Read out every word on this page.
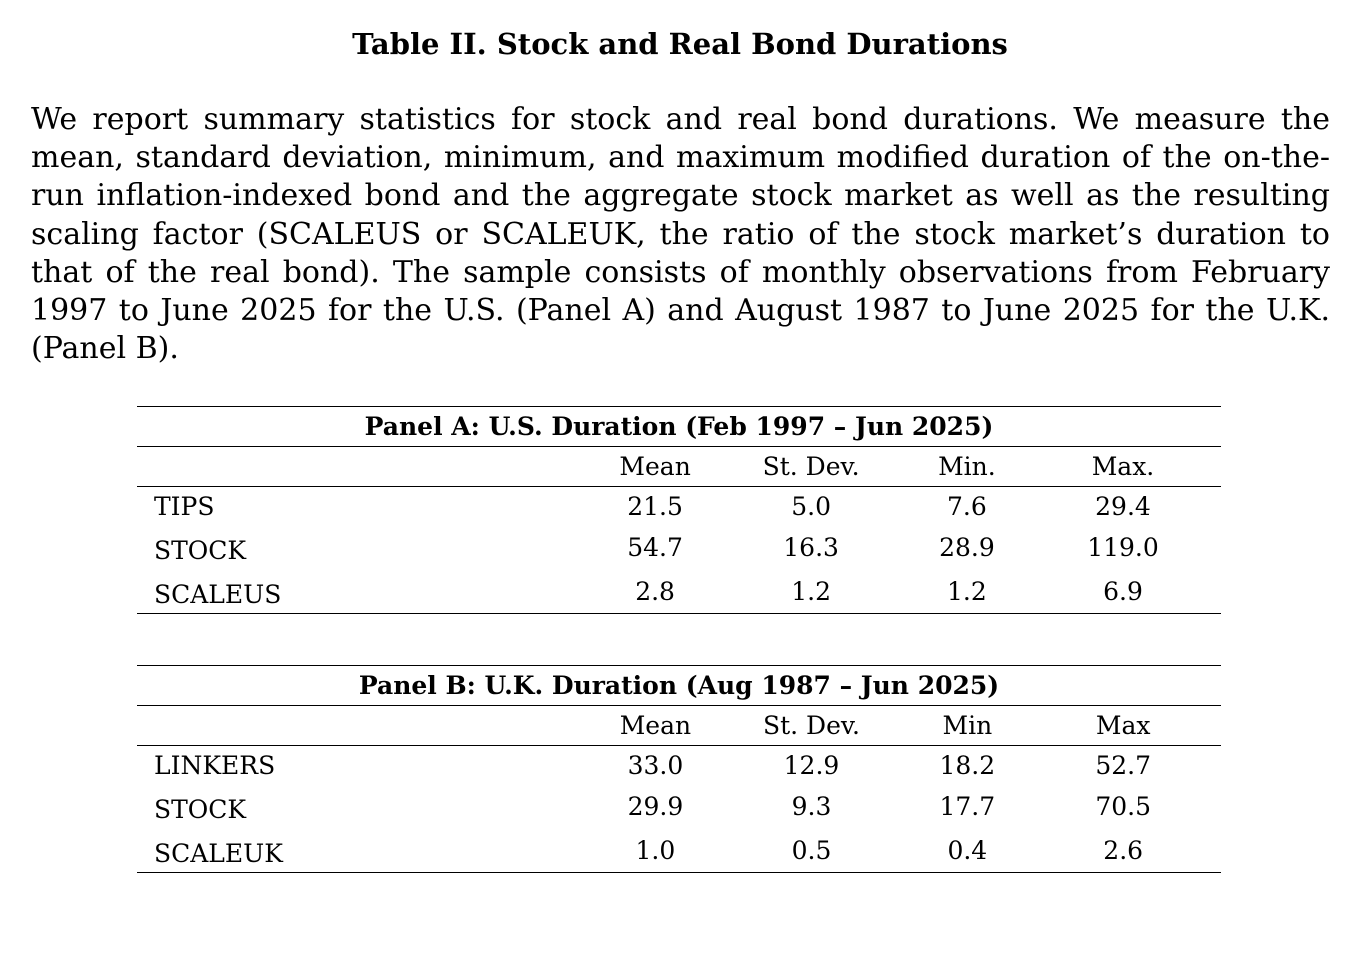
Table II. Stock and Real Bond Durations

We report summary statistics for stock and real bond durations. We measure the mean, standard deviation, minimum, and maximum modified duration of the on-the-run inflation-indexed bond and the aggregate stock market as well as the resulting scaling factor (SCALEUS or SCALEUK, the ratio of the stock market’s duration to that of the real bond). The sample consists of monthly observations from February 1997 to June 2025 for the U.S. (Panel A) and August 1987 to June 2025 for the U.K. (Panel B).

Panel A: U.S. Duration (Feb 1997 – Jun 2025)				
	Mean	St. Dev.	Min.	Max.
TIPS	21.5	5.0	7.6	29.4
STOCK	54.7	16.3	28.9	119.0
SCALEUS	2.8	1.2	1.2	6.9
Panel B: U.K. Duration (Aug 1987 – Jun 2025)				
	Mean	St. Dev.	Min	Max
LINKERS	33.0	12.9	18.2	52.7
STOCK	29.9	9.3	17.7	70.5
SCALEUK	1.0	0.5	0.4	2.6
